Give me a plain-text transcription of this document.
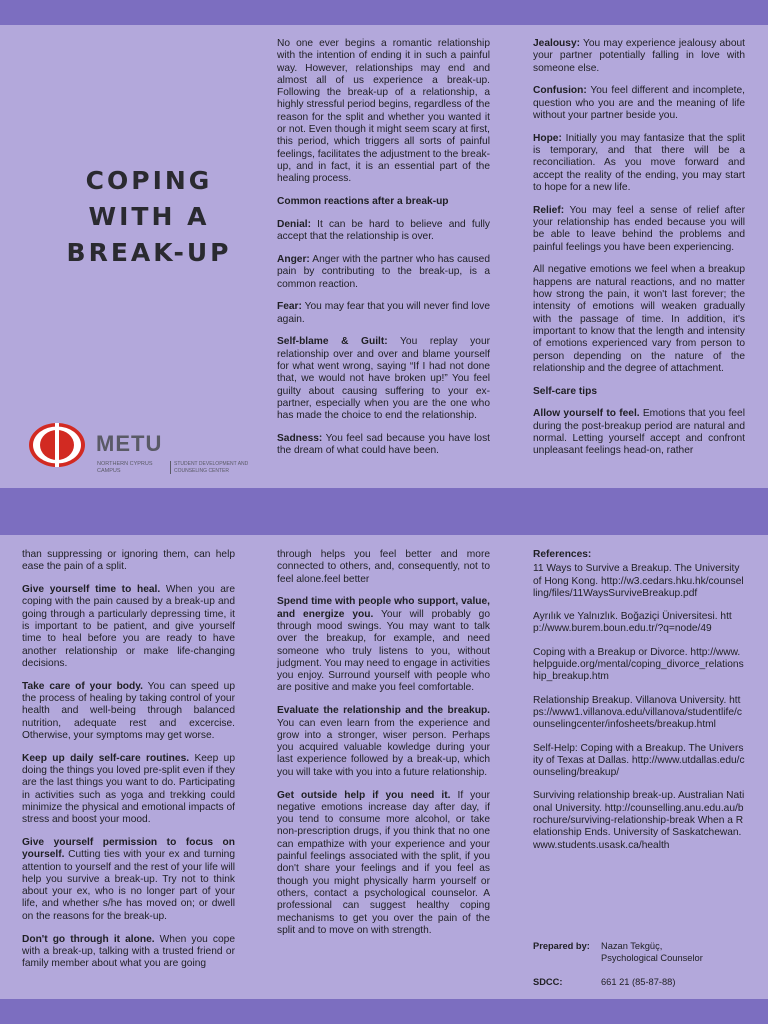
COPING
WITH A
BREAK-UP
METU
NORTHERN CYPRUS CAMPUS
STUDENT DEVELOPMENT AND COUNSELING CENTER

No one ever begins a romantic relationship with the intention of ending it in such a painful way. However, relationships may end and almost all of us experience a break-up. Following the break-up of a relationship, a highly stressful period begins, regardless of the reason for the split and whether you wanted it or not. Even though it might seem scary at first, this period, which triggers all sorts of painful feelings, facilitates the adjustment to the break-up, and in fact, it is an essential part of the healing process.

Common reactions after a break-up

Denial: It can be hard to believe and fully accept that the relationship is over.

Anger: Anger with the partner who has caused pain by contributing to the break-up, is a common reaction.

Fear: You may fear that you will never find love again.

Self-blame & Guilt: You replay your relationship over and over and blame yourself for what went wrong, saying “If I had not done that, we would not have broken up!” You feel guilty about causing suffering to your ex-partner, especially when you are the one who has made the choice to end the relationship.

Sadness: You feel sad because you have lost the dream of what could have been.

Jealousy: You may experience jealousy about your partner potentially falling in love with someone else.

Confusion: You feel different and incomplete, question who you are and the meaning of life without your partner beside you.

Hope: Initially you may fantasize that the split is temporary, and that there will be a reconciliation. As you move forward and accept the reality of the ending, you may start to hope for a new life.

Relief: You may feel a sense of relief after your relationship has ended because you will be able to leave behind the problems and painful feelings you have been experiencing.

All negative emotions we feel when a breakup happens are natural reactions, and no matter how strong the pain, it won't last forever; the intensity of emotions will weaken gradually with the passage of time. In addition, it's important to know that the length and intensity of emotions experienced vary from person to person depending on the nature of the relationship and the degree of attachment.

Self-care tips

Allow yourself to feel. Emotions that you feel during the post-breakup period are natural and normal. Letting yourself accept and confront unpleasant feelings head-on, rather

than suppressing or ignoring them, can help ease the pain of a split.

Give yourself time to heal. When you are coping with the pain caused by a break-up and going through a particularly depressing time, it is important to be patient, and give yourself time to heal before you are ready to have another relationship or make life-changing decisions.

Take care of your body. You can speed up the process of healing by taking control of your health and well-being through balanced nutrition, adequate rest and excercise. Otherwise, your symptoms may get worse.

Keep up daily self-care routines. Keep up doing the things you loved pre-split even if they are the last things you want to do. Participating in activities such as yoga and trekking could minimize the physical and emotional impacts of stress and boost your mood.

Give yourself permission to focus on yourself. Cutting ties with your ex and turning attention to yourself and the rest of your life will help you survive a break-up. Try not to think about your ex, who is no longer part of your life, and whether s/he has moved on; or dwell on the reasons for the break-up.

Don't go through it alone. When you cope with a break-up, talking with a trusted friend or family member about what you are going

through helps you feel better and more connected to others, and, consequently, not to feel alone.feel better

Spend time with people who support, value, and energize you. Your will probably go through mood swings. You may want to talk over the breakup, for example, and need someone who truly listens to you, without judgment. You may need to engage in activities you enjoy. Surround yourself with people who are positive and make you feel comfortable.

Evaluate the relationship and the breakup. You can even learn from the experience and grow into a stronger, wiser person. Perhaps you acquired valuable kowledge during your last experience followed by a break-up, which you will take with you into a future relationship.

Get outside help if you need it. If your negative emotions increase day after day, if you tend to consume more alcohol, or take non-prescription drugs, if you think that no one can empathize with your experience and your painful feelings associated with the split, if you don't share your feelings and if you feel as though you might physically harm yourself or others, contact a psychological counselor. A professional can suggest healthy coping mechanisms to get you over the pain of the split and to move on with strength.

References:

11 Ways to Survive a Breakup. The University of Hong Kong. http://w3.cedars.hku.hk/counselling/files/11WaysSurviveBreakup.pdf

Ayrılık ve Yalnızlık. Boğaziçi Üniversitesi. http://www.burem.boun.edu.tr/?q=node/49

Coping with a Breakup or Divorce. http://www.helpguide.org/mental/coping_divorce_relationship_breakup.htm

Relationship Breakup. Villanova University. https://www1.villanova.edu/villanova/studentlife/counselingcenter/infosheets/breakup.html

Self-Help: Coping with a Breakup. The University of Texas at Dallas. http://www.utdallas.edu/counseling/breakup/

Surviving relationship break-up. Australian National University. http://counselling.anu.edu.au/brochure/surviving-relationship-break When a Relationship Ends. University of Saskatchewan. www.students.usask.ca/health

Prepared by: Nazan Tekgüç,
Psychological Counselor
SDCC:	661 21 (85-87-88)
